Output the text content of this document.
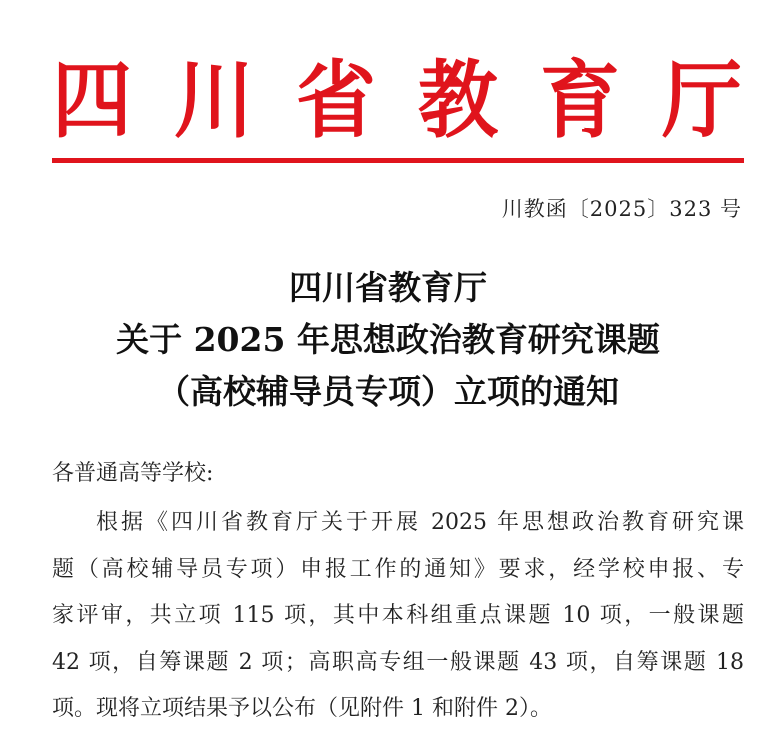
四 川 省 教 育 厅
川教函〔2025〕323 号
四川省教育厅
关于 2025 年思想政治教育研究课题
（高校辅导员专项）立项的通知
各普通高等学校:
根据《四川省教育厅关于开展 2025 年思想政治教育研究课
题（高校辅导员专项）申报工作的通知》要求，经学校申报、专
家评审，共立项 115 项，其中本科组重点课题 10 项，一般课题
42 项，自筹课题 2 项；高职高专组一般课题 43 项，自筹课题 18
项。现将立项结果予以公布（见附件 1 和附件 2）。
